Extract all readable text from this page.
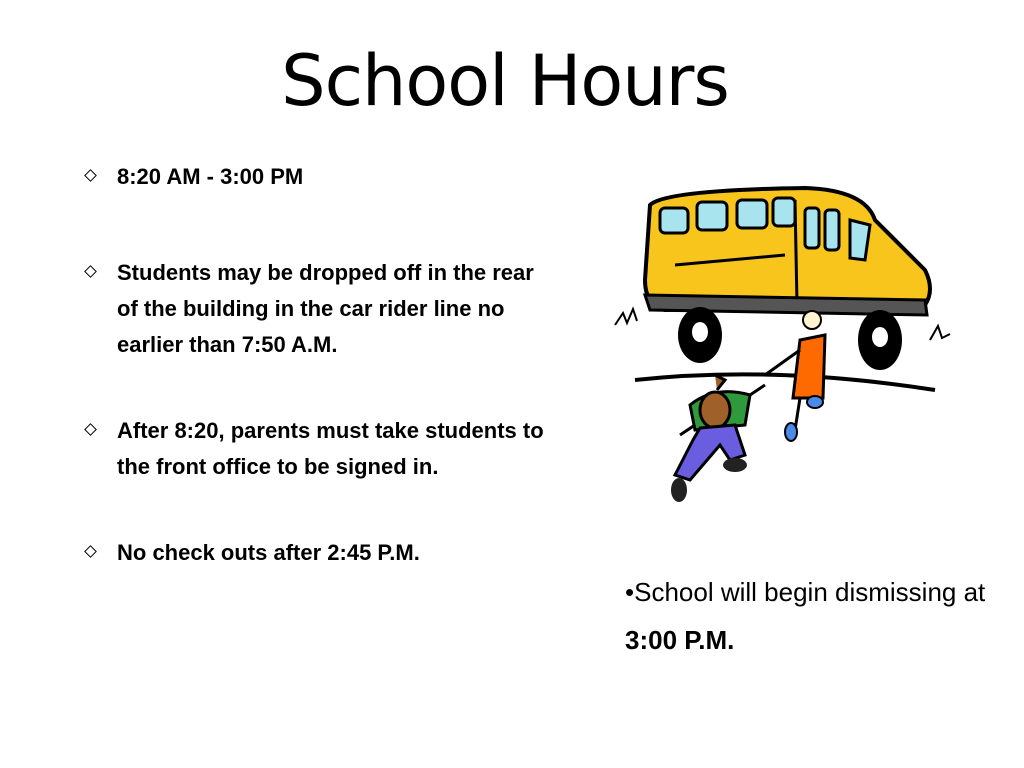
School Hours
8:20 AM - 3:00 PM
Students may be dropped off in the rear of the building in the car rider line no earlier than 7:50 A.M.
After 8:20, parents must take students to the front office to be signed in.
No check outs after 2:45 P.M.
•School will begin dismissing at 3:00 P.M.
